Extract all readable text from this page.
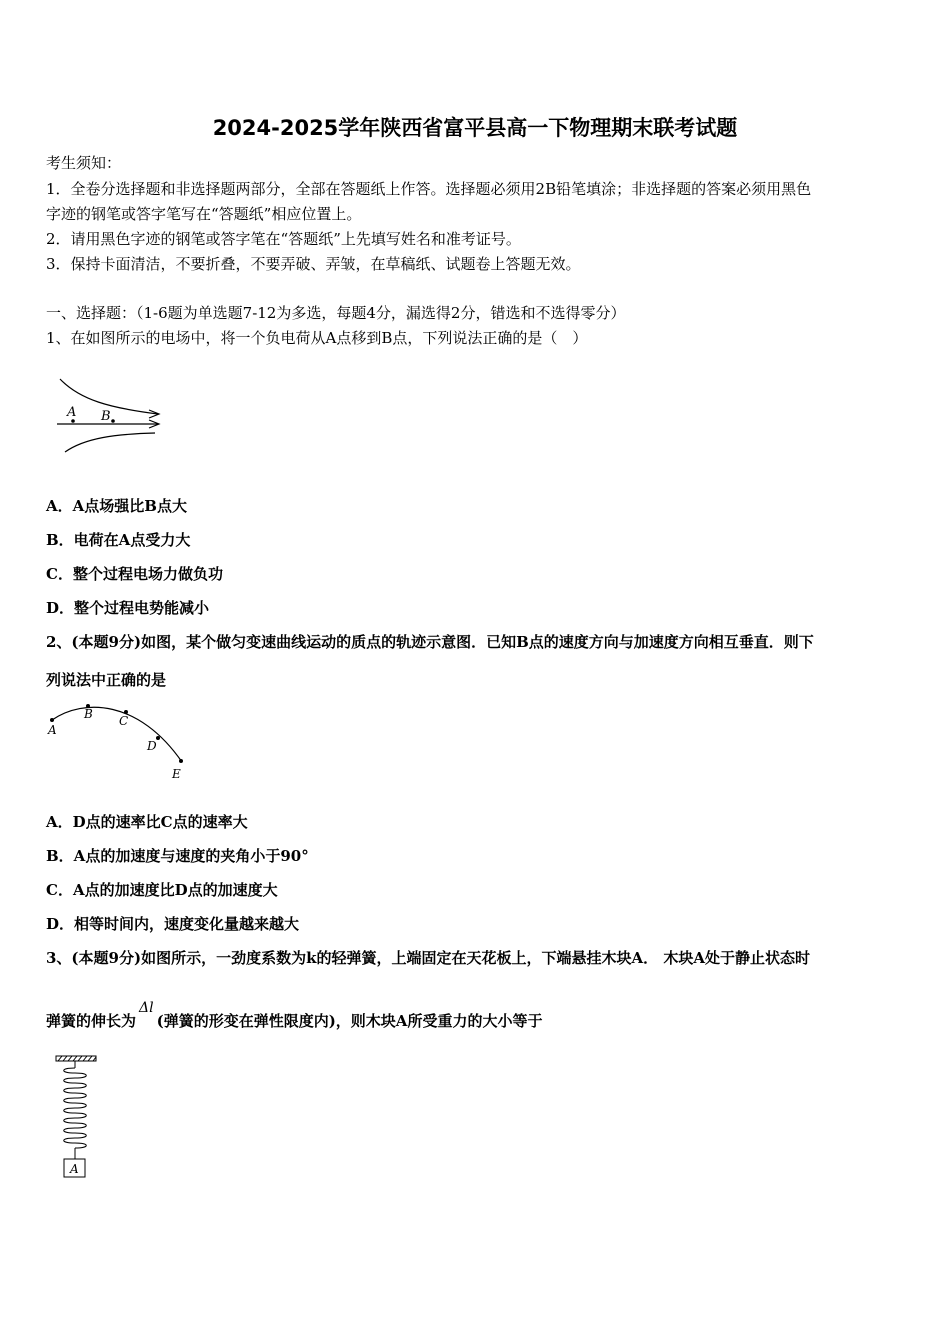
2024-2025学年陕西省富平县高一下物理期末联考试题
考生须知：
1．全卷分选择题和非选择题两部分，全部在答题纸上作答。选择题必须用2B铅笔填涂；非选择题的答案必须用黑色
字迹的钢笔或答字笔写在“答题纸”相应位置上。
2．请用黑色字迹的钢笔或答字笔在“答题纸”上先填写姓名和准考证号。
3．保持卡面清洁，不要折叠，不要弄破、弄皱，在草稿纸、试题卷上答题无效。
一、选择题：（1-6题为单选题7-12为多选，每题4分，漏选得2分，错选和不选得零分）
1、在如图所示的电场中，将一个负电荷从A点移到B点，下列说法正确的是（　）
A B
A．A点场强比B点大
B．电荷在A点受力大
C．整个过程电场力做负功
D．整个过程电势能减小
2、(本题9分)如图，某个做匀变速曲线运动的质点的轨迹示意图．已知B点的速度方向与加速度方向相互垂直．则下
列说法中正确的是
A
B C
D
E
A．D点的速率比C点的速率大
B．A点的加速度与速度的夹角小于90°
C．A点的加速度比D点的加速度大
D．相等时间内，速度变化量越来越大
3、(本题9分)如图所示，一劲度系数为k的轻弹簧，上端固定在天花板上，下端悬挂木块A． 木块A处于静止状态时
弹簧的伸长为Δl(弹簧的形变在弹性限度内)，则木块A所受重力的大小等于
A
